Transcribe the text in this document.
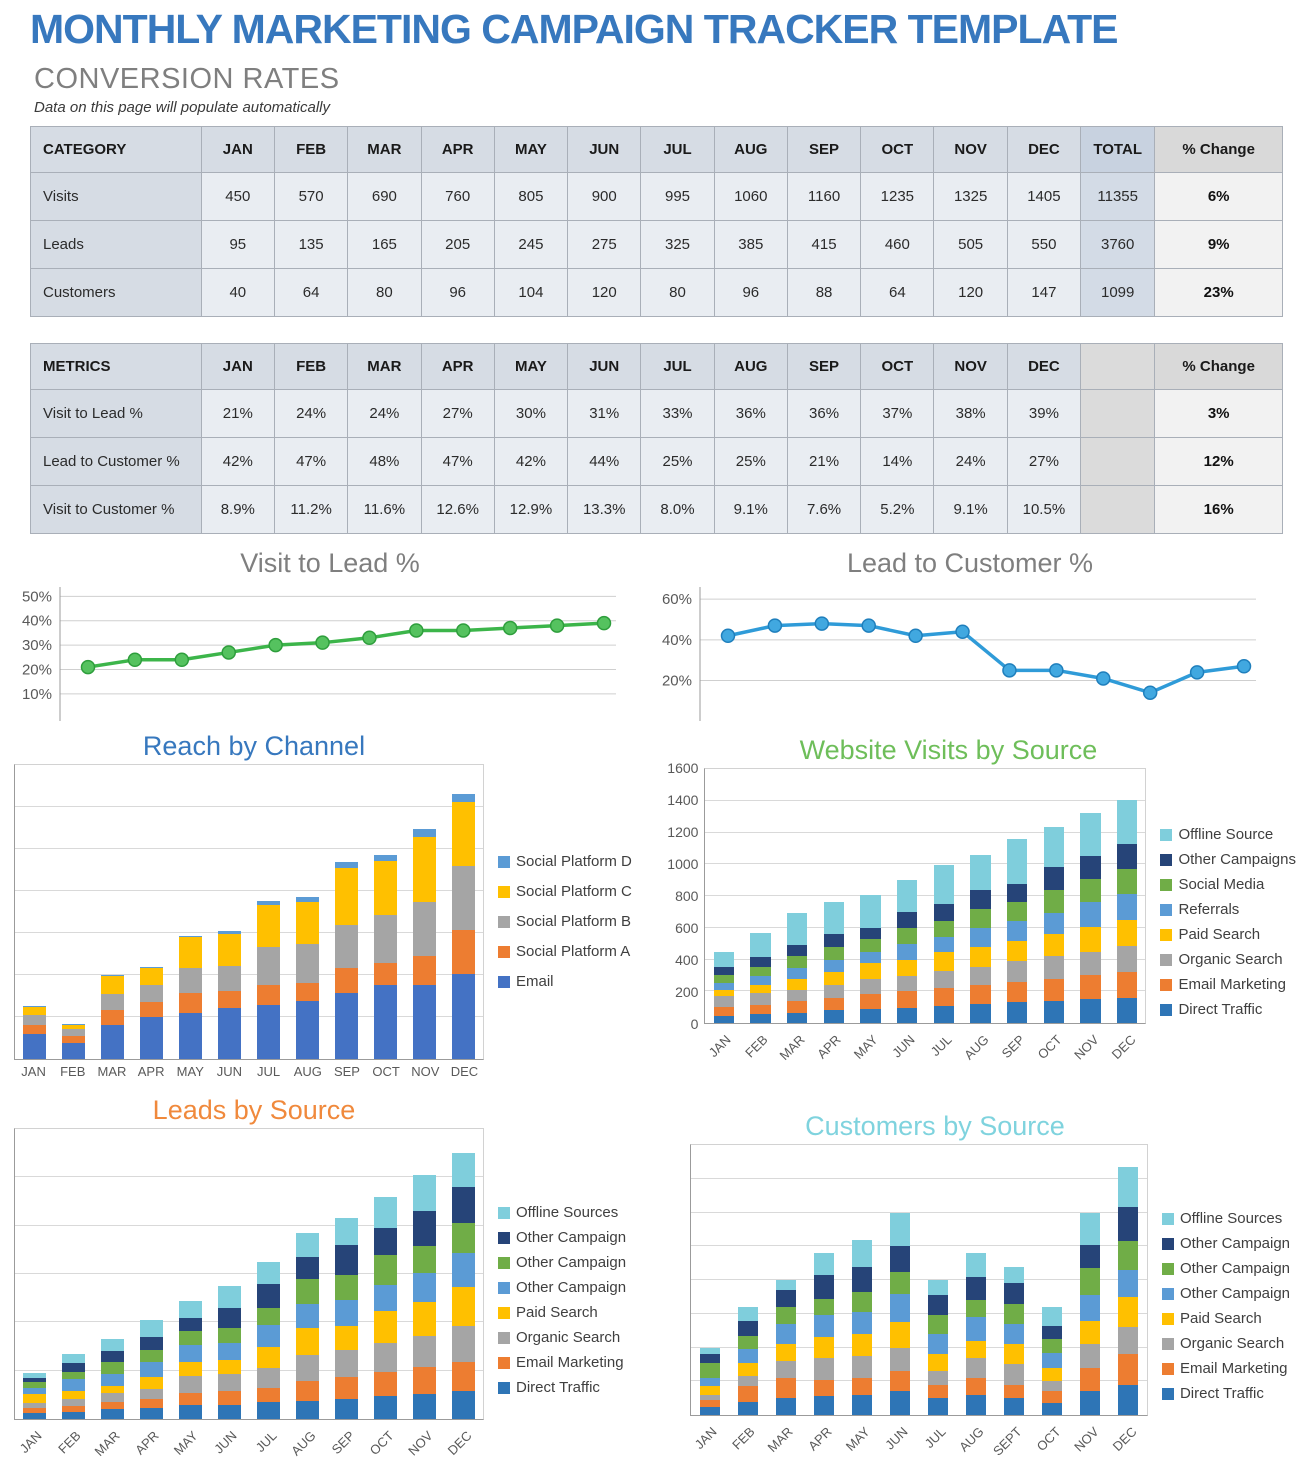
MONTHLY MARKETING CAMPAIGN TRACKER TEMPLATE
CONVERSION RATES
Data on this page will populate automatically
CATEGORY	JAN	FEB	MAR	APR	MAY	JUN	JUL	AUG	SEP	OCT	NOV	DEC	TOTAL	% Change
Visits	450	570	690	760	805	900	995	1060	1160	1235	1325	1405	11355	6%
Leads	95	135	165	205	245	275	325	385	415	460	505	550	3760	9%
Customers	40	64	80	96	104	120	80	96	88	64	120	147	1099	23%
METRICS	JAN	FEB	MAR	APR	MAY	JUN	JUL	AUG	SEP	OCT	NOV	DEC		% Change
Visit to Lead %	21%	24%	24%	27%	30%	31%	33%	36%	36%	37%	38%	39%		3%
Lead to Customer %	42%	47%	48%	47%	42%	44%	25%	25%	21%	14%	24%	27%		12%
Visit to Customer %	8.9%	11.2%	11.6%	12.6%	12.9%	13.3%	8.0%	9.1%	7.6%	5.2%	9.1%	10.5%		16%
Visit to Lead %
10%
20%
30%
40%
50%
Lead to Customer %
20%
40%
60%
Reach by Channel
JAN	FEB MAR APR MAY JUN	JUL	AUG SEP OCT NOV DEC
Social Platform D
Social Platform C
Social Platform B
Social Platform A
Email
Website Visits by Source
0
200
400
600
800
1000
1200
1400
1600
JAN FEB MAR APR MAY JUN JUL AUG SEP OCT NOV DEC
Offline Source
Other Campaigns
Social Media
Referrals
Paid Search
Organic Search
Email Marketing
Direct Traffic
Leads by Source
JAN FEB MAR APR MAY JUN JUL AUG SEP OCT NOV DEC
Offline Sources
Other Campaign
Other Campaign
Other Campaign
Paid Search
Organic Search
Email Marketing
Direct Traffic
Customers by Source
JAN FEB MAR APR MAY JUN JUL AUG SEPT OCT NOV DEC
Offline Sources
Other Campaign
Other Campaign
Other Campaign
Paid Search
Organic Search
Email Marketing
Direct Traffic
